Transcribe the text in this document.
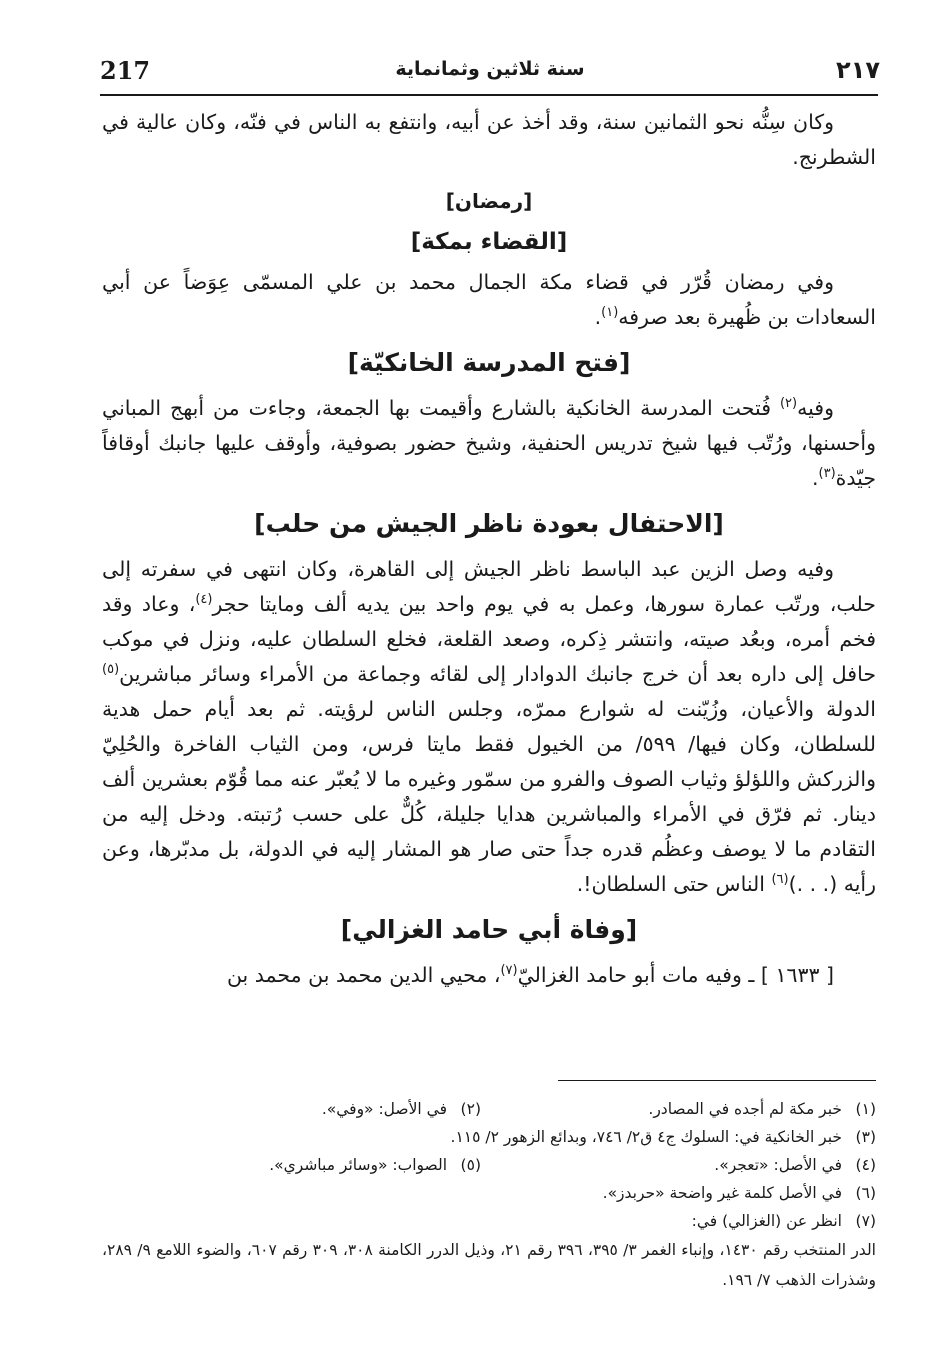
217	سنة ثلاثين وثمانماية	٢١٧

وكان سِنُّه نحو الثمانين سنة، وقد أخذ عن أبيه، وانتفع به الناس في فنّه، وكان عالية في الشطرنج.

[رمضان]
[القضاء بمكة]

وفي رمضان قُرّر في قضاء مكة الجمال محمد بن علي المسمّى عِوَضاً عن أبي السعادات بن ظُهيرة بعد صرفه$^{(١)}$.

[فتح المدرسة الخانكيّة]

وفيه$^{(٢)}$ فُتحت المدرسة الخانكية بالشارع وأقيمت بها الجمعة، وجاءت من أبهج المباني وأحسنها، ورُتّب فيها شيخ تدريس الحنفية، وشيخ حضور بصوفية، وأوقف عليها جانبك أوقافاً جيّدة$^{(٣)}$.

[الاحتفال بعودة ناظر الجيش من حلب]

وفيه وصل الزين عبد الباسط ناظر الجيش إلى القاهرة، وكان انتهى في سفرته إلى حلب، ورتّب عمارة سورها، وعمل به في يوم واحد بين يديه ألف ومايتا حجر$^{(٤)}$، وعاد وقد فخم أمره، وبعُد صيته، وانتشر ذِكره، وصعد القلعة، فخلع السلطان عليه، ونزل في موكب حافل إلى داره بعد أن خرج جانبك الدوادار إلى لقائه وجماعة من الأمراء وسائر مباشرين$^{(٥)}$ الدولة والأعيان، وزُيّنت له شوارع ممرّه، وجلس الناس لرؤيته. ثم بعد أيام حمل هدية للسلطان، وكان فيها/ ٥٩٩/ من الخيول فقط مايتا فرس، ومن الثياب الفاخرة والحُلِيّ والزركش واللؤلؤ وثياب الصوف والفرو من سمّور وغيره ما لا يُعبّر عنه مما قُوّم بعشرين ألف دينار. ثم فرّق في الأمراء والمباشرين هدايا جليلة، كُلٌّ على حسب رُتبته. ودخل إليه من التقادم ما لا يوصف وعظُم قدره جداً حتى صار هو المشار إليه في الدولة، بل مدبّرها، وعن رأيه (. . .)$^{(٦)}$ الناس حتى السلطان!.

[وفاة أبي حامد الغزالي]

[ ١٦٣٣ ] ـ وفيه مات أبو حامد الغزاليّ$^{(٧)}$، محيي الدين محمد بن محمد بن

(١)
خبر مكة لم أجده في المصادر.
(٢)
في الأصل: «وفي».
(٣)
خبر الخانكية في: السلوك ج٤ ق٢/ ٧٤٦، وبدائع الزهور ٢/ ١١٥.
(٤)
في الأصل: «تعجر».
(٥)
الصواب: «وسائر مباشري».
(٦)
في الأصل كلمة غير واضحة «حربدز».
(٧)
انظر عن (الغزالي) في:
الدر المنتخب رقم ١٤٣٠، وإنباء الغمر ٣/ ٣٩٥، ٣٩٦ رقم ٢١، وذيل الدرر الكامنة ٣٠٨، ٣٠٩ رقم ٦٠٧، والضوء اللامع ٩/ ٢٨٩، وشذرات الذهب ٧/ ١٩٦.
